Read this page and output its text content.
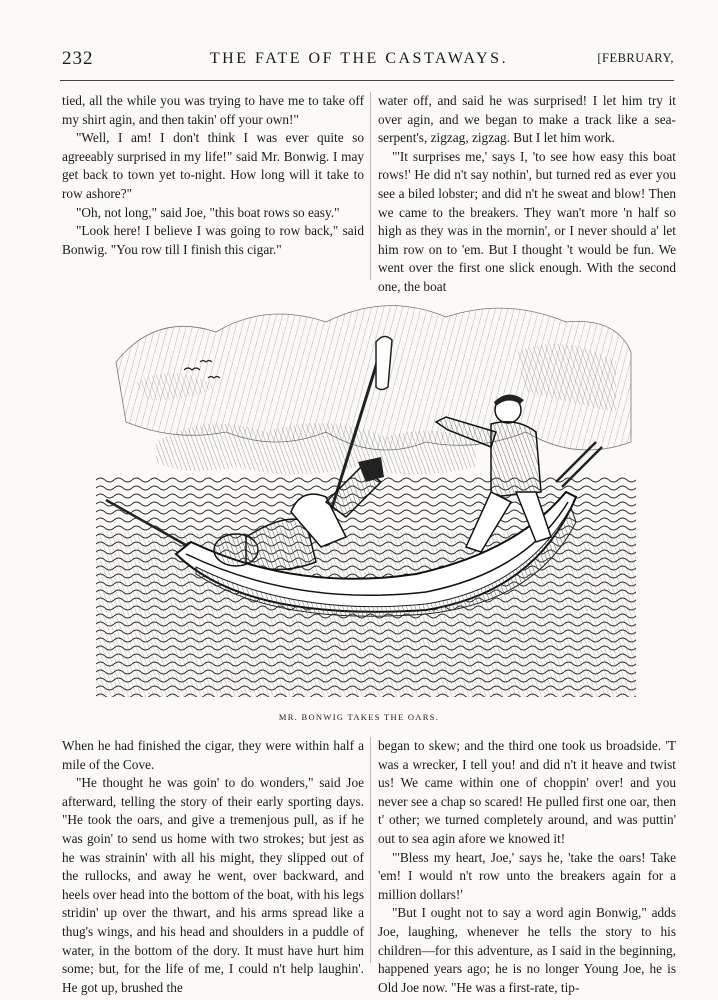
232	THE FATE OF THE CASTAWAYS.	[FEBRUARY,

tied, all the while you was trying to have me to take off my shirt agin, and then takin' off your own!"

"Well, I am! I don't think I was ever quite so agreeably surprised in my life!" said Mr. Bonwig. I may get back to town yet to-night. How long will it take to row ashore?"

"Oh, not long," said Joe, "this boat rows so easy."

"Look here! I believe I was going to row back," said Bonwig. "You row till I finish this cigar."

water off, and said he was surprised! I let him try it over agin, and we began to make a track like a sea-serpent's, zigzag, zigzag. But I let him work.

"'It surprises me,' says I, 'to see how easy this boat rows!' He did n't say nothin', but turned red as ever you see a biled lobster; and did n't he sweat and blow! Then we came to the breakers. They wan't more 'n half so high as they was in the mornin', or I never should a' let him row on to 'em. But I thought 't would be fun. We went over the first one slick enough. With the second one, the boat

MR. BONWIG TAKES THE OARS.

When he had finished the cigar, they were within half a mile of the Cove.

"He thought he was goin' to do wonders," said Joe afterward, telling the story of their early sporting days. "He took the oars, and give a tremenjous pull, as if he was goin' to send us home with two strokes; but jest as he was strainin' with all his might, they slipped out of the rullocks, and away he went, over backward, and heels over head into the bottom of the boat, with his legs stridin' up over the thwart, and his arms spread like a thug's wings, and his head and shoulders in a puddle of water, in the bottom of the dory. It must have hurt him some; but, for the life of me, I could n't help laughin'. He got up, brushed the

began to skew; and the third one took us broadside. 'T was a wrecker, I tell you! and did n't it heave and twist us! We came within one of choppin' over! and you never see a chap so scared! He pulled first one oar, then t' other; we turned completely around, and was puttin' out to sea agin afore we knowed it!

"'Bless my heart, Joe,' says he, 'take the oars! Take 'em! I would n't row unto the breakers again for a million dollars!'

"But I ought not to say a word agin Bonwig," adds Joe, laughing, whenever he tells the story to his children—for this adventure, as I said in the beginning, happened years ago; he is no longer Young Joe, he is Old Joe now. "He was a first-rate, tip-
